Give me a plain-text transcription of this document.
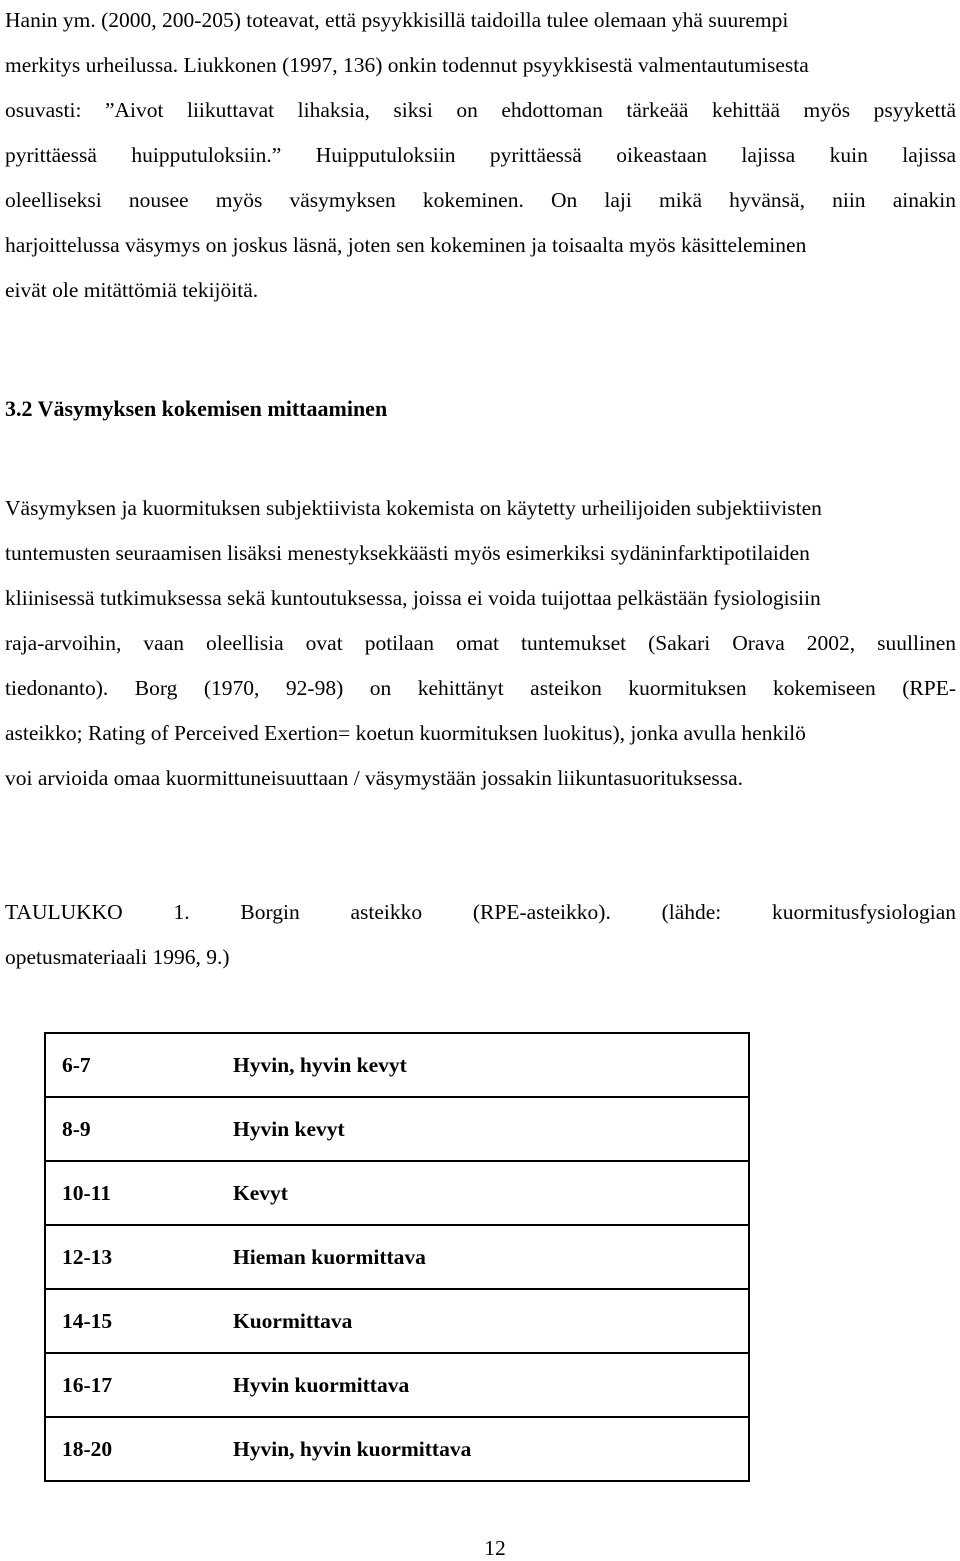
Hanin ym. (2000, 200-205) toteavat, että psyykkisillä taidoilla tulee olemaan yhä suurempi
merkitys urheilussa. Liukkonen (1997, 136) onkin todennut psyykkisestä valmentautumisesta
osuvasti: ”Aivot liikuttavat lihaksia, siksi on ehdottoman tärkeää kehittää myös psyykettä
pyrittäessä huipputuloksiin.” Huipputuloksiin pyrittäessä oikeastaan lajissa kuin lajissa
oleelliseksi nousee myös väsymyksen kokeminen. On laji mikä hyvänsä, niin ainakin
harjoittelussa väsymys on joskus läsnä, joten sen kokeminen ja toisaalta myös käsitteleminen
eivät ole mitättömiä tekijöitä.
3.2 Väsymyksen kokemisen mittaaminen
Väsymyksen ja kuormituksen subjektiivista kokemista on käytetty urheilijoiden subjektiivisten
tuntemusten seuraamisen lisäksi menestyksekkäästi myös esimerkiksi sydäninfarktipotilaiden
kliinisessä tutkimuksessa sekä kuntoutuksessa, joissa ei voida tuijottaa pelkästään fysiologisiin
raja-arvoihin, vaan oleellisia ovat potilaan omat tuntemukset (Sakari Orava 2002, suullinen
tiedonanto). Borg (1970, 92-98) on kehittänyt asteikon kuormituksen kokemiseen (RPE-
asteikko; Rating of Perceived Exertion= koetun kuormituksen luokitus), jonka avulla henkilö
voi arvioida omaa kuormittuneisuuttaan / väsymystään jossakin liikuntasuorituksessa.
TAULUKKO 1. Borgin asteikko (RPE-asteikko). (lähde: kuormitusfysiologian
opetusmateriaali 1996, 9.)
6-7	Hyvin, hyvin kevyt
8-9	Hyvin kevyt
10-11	Kevyt
12-13	Hieman kuormittava
14-15	Kuormittava
16-17	Hyvin kuormittava
18-20	Hyvin, hyvin kuormittava

12
